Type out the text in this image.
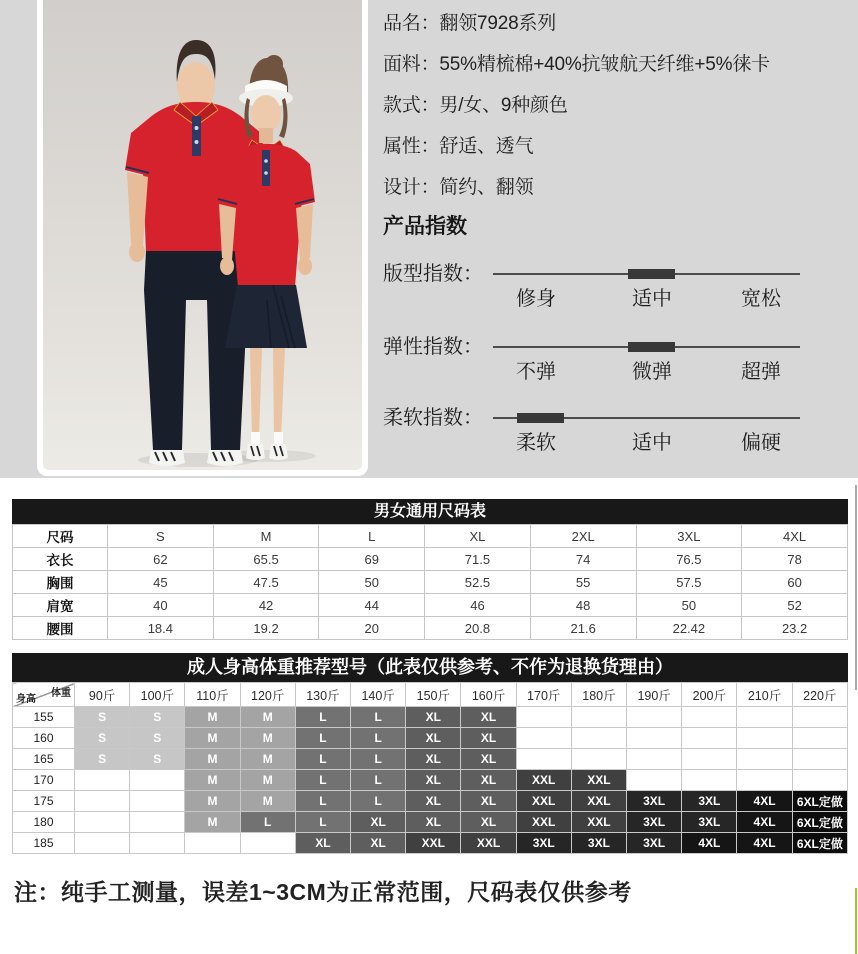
品名：翻领7928系列
面料：55%精梳棉+40%抗皱航天纤维+5%徕卡
款式：男/女、9种颜色
属性：舒适、透气
设计：简约、翻领
产品指数
版型指数：
修身	适中	宽松
弹性指数：
不弹	微弹	超弹
柔软指数：
柔软	适中	偏硬
男女通用尺码表
尺码	S	M	L	XL	2XL	3XL	4XL
衣长	62	65.5	69	71.5	74	76.5	78
胸围	45	47.5	50	52.5	55	57.5	60
肩宽	40	42	44	46	48	50	52
腰围	18.4	19.2	20	20.8	21.6	22.42	23.2
成人身高体重推荐型号（此表仅供参考、不作为退换货理由）
体重
身高	90斤	100斤	110斤	120斤	130斤	140斤	150斤	160斤	170斤	180斤	190斤	200斤	210斤	220斤
155	S	S	M	M	L	L	XL	XL						
160	S	S	M	M	L	L	XL	XL						
165	S	S	M	M	L	L	XL	XL						
170			M	M	L	L	XL	XL	XXL	XXL				
175			M	M	L	L	XL	XL	XXL	XXL	3XL	3XL	4XL	6XL定做
180			M	L	L	XL	XL	XL	XXL	XXL	3XL	3XL	4XL	6XL定做
185					XL	XL	XXL	XXL	3XL	3XL	3XL	4XL	4XL	6XL定做
注：纯手工测量，误差1~3CM为正常范围，尺码表仅供参考
